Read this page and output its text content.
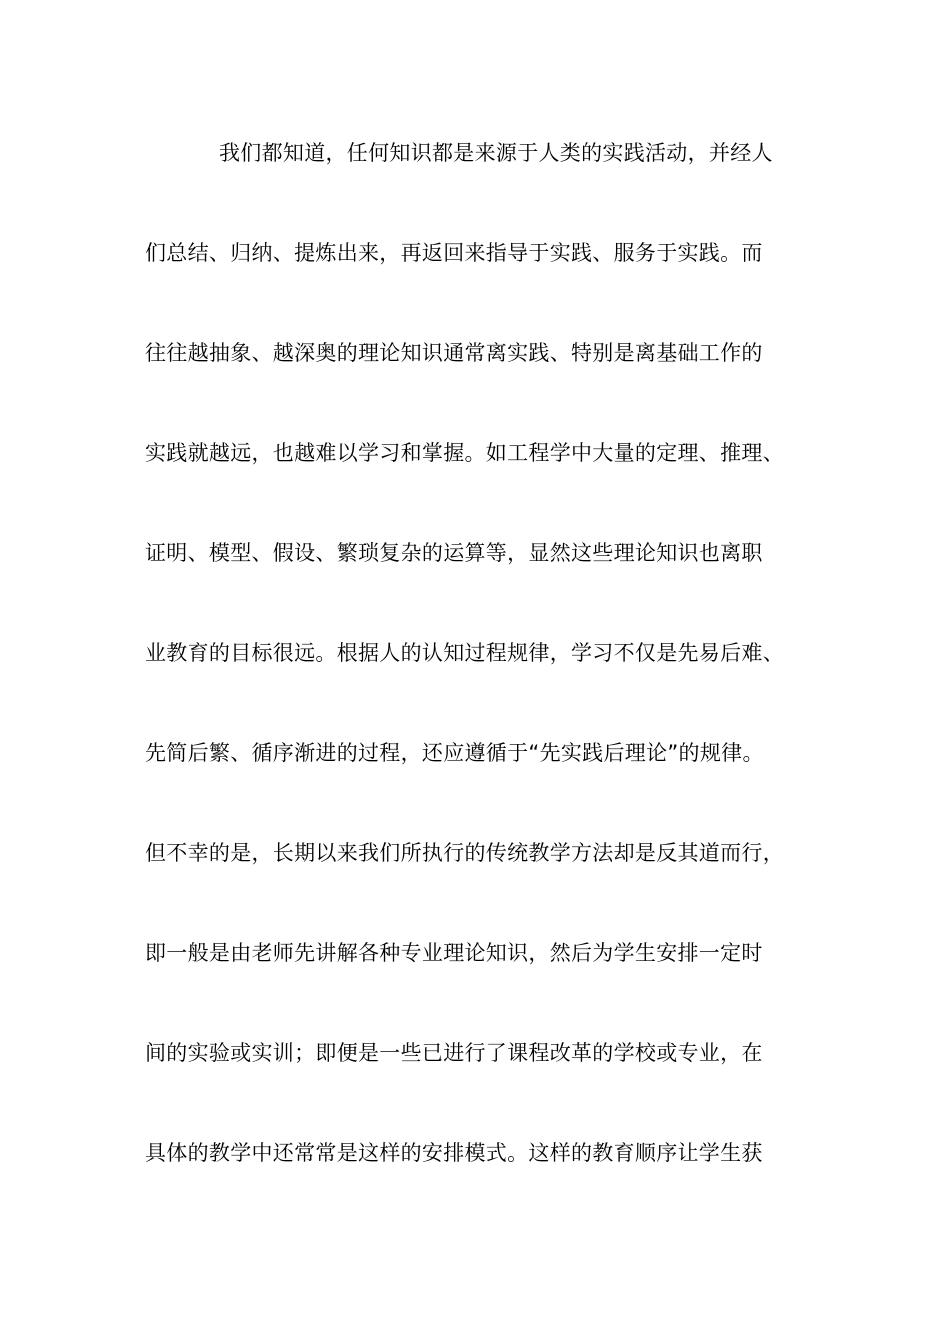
我们都知道，任何知识都是来源于人类的实践活动，并经人
们总结、归纳、提炼出来，再返回来指导于实践、服务于实践。而
往往越抽象、越深奥的理论知识通常离实践、特别是离基础工作的
实践就越远，也越难以学习和掌握。如工程学中大量的定理、推理、
证明、模型、假设、繁琐复杂的运算等，显然这些理论知识也离职
业教育的目标很远。根据人的认知过程规律，学习不仅是先易后难、
先简后繁、循序渐进的过程，还应遵循于“先实践后理论”的规律。
但不幸的是，长期以来我们所执行的传统教学方法却是反其道而行，
即一般是由老师先讲解各种专业理论知识，然后为学生安排一定时
间的实验或实训；即便是一些已进行了课程改革的学校或专业，在
具体的教学中还常常是这样的安排模式。这样的教育顺序让学生获
